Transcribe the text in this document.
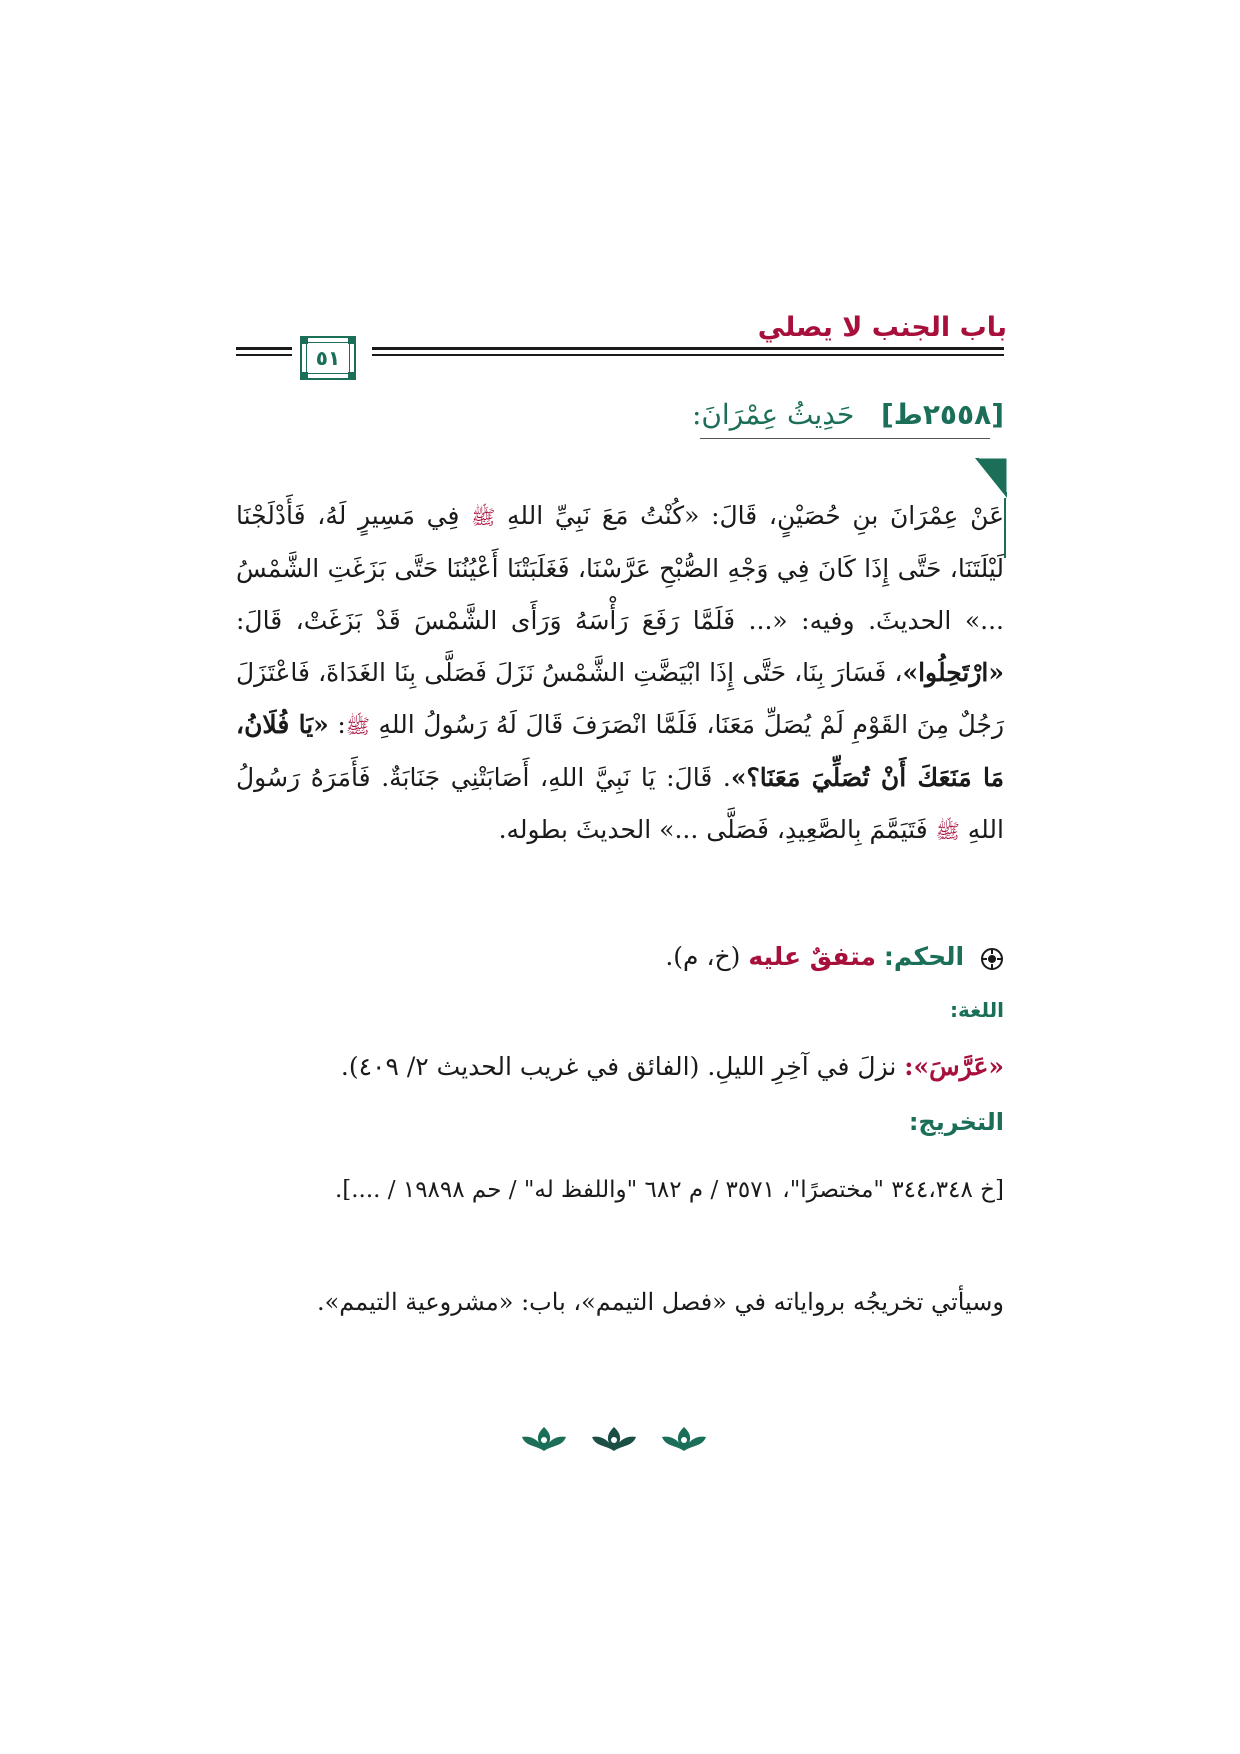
باب الجنب لا يصلي
٥١
[٢٥٥٨ط]   حَدِيثُ عِمْرَانَ:
عَنْ عِمْرَانَ بنِ حُصَيْنٍ، قَالَ: «كُنْتُ مَعَ نَبِيِّ اللهِ ﷺ فِي مَسِيرٍ لَهُ، فَأَدْلَجْنَا لَيْلَتَنَا، حَتَّى إِذَا كَانَ فِي وَجْهِ الصُّبْحِ عَرَّسْنَا، فَغَلَبَتْنَا أَعْيُنُنَا حَتَّى بَزَغَتِ الشَّمْسُ ...» الحديثَ. وفيه: «... فَلَمَّا رَفَعَ رَأْسَهُ وَرَأَى الشَّمْسَ قَدْ بَزَغَتْ، قَالَ: «ارْتَحِلُوا»، فَسَارَ بِنَا، حَتَّى إِذَا ابْيَضَّتِ الشَّمْسُ نَزَلَ فَصَلَّى بِنَا الغَدَاةَ، فَاعْتَزَلَ رَجُلٌ مِنَ القَوْمِ لَمْ يُصَلِّ مَعَنَا، فَلَمَّا انْصَرَفَ قَالَ لَهُ رَسُولُ اللهِ ﷺ: «يَا فُلَانُ، مَا مَنَعَكَ أَنْ تُصَلِّيَ مَعَنَا؟». قَالَ: يَا نَبِيَّ اللهِ، أَصَابَتْنِي جَنَابَةٌ. فَأَمَرَهُ رَسُولُ اللهِ ﷺ فَتَيَمَّمَ بِالصَّعِيدِ، فَصَلَّى ...» الحديثَ بطوله.
الحكم: متفقٌ عليه (خ، م).
اللغة:
«عَرَّسَ»: نزلَ في آخِرِ الليلِ. (الفائق في غريب الحديث ٢/ ٤٠٩).
التخريج:
[خ ٣٤٤،٣٤٨ "مختصرًا"، ٣٥٧١ / م ٦٨٢ "واللفظ له" / حم ١٩٨٩٨ / ....].
وسيأتي تخريجُه برواياته في «فصل التيمم»، باب: «مشروعية التيمم».
